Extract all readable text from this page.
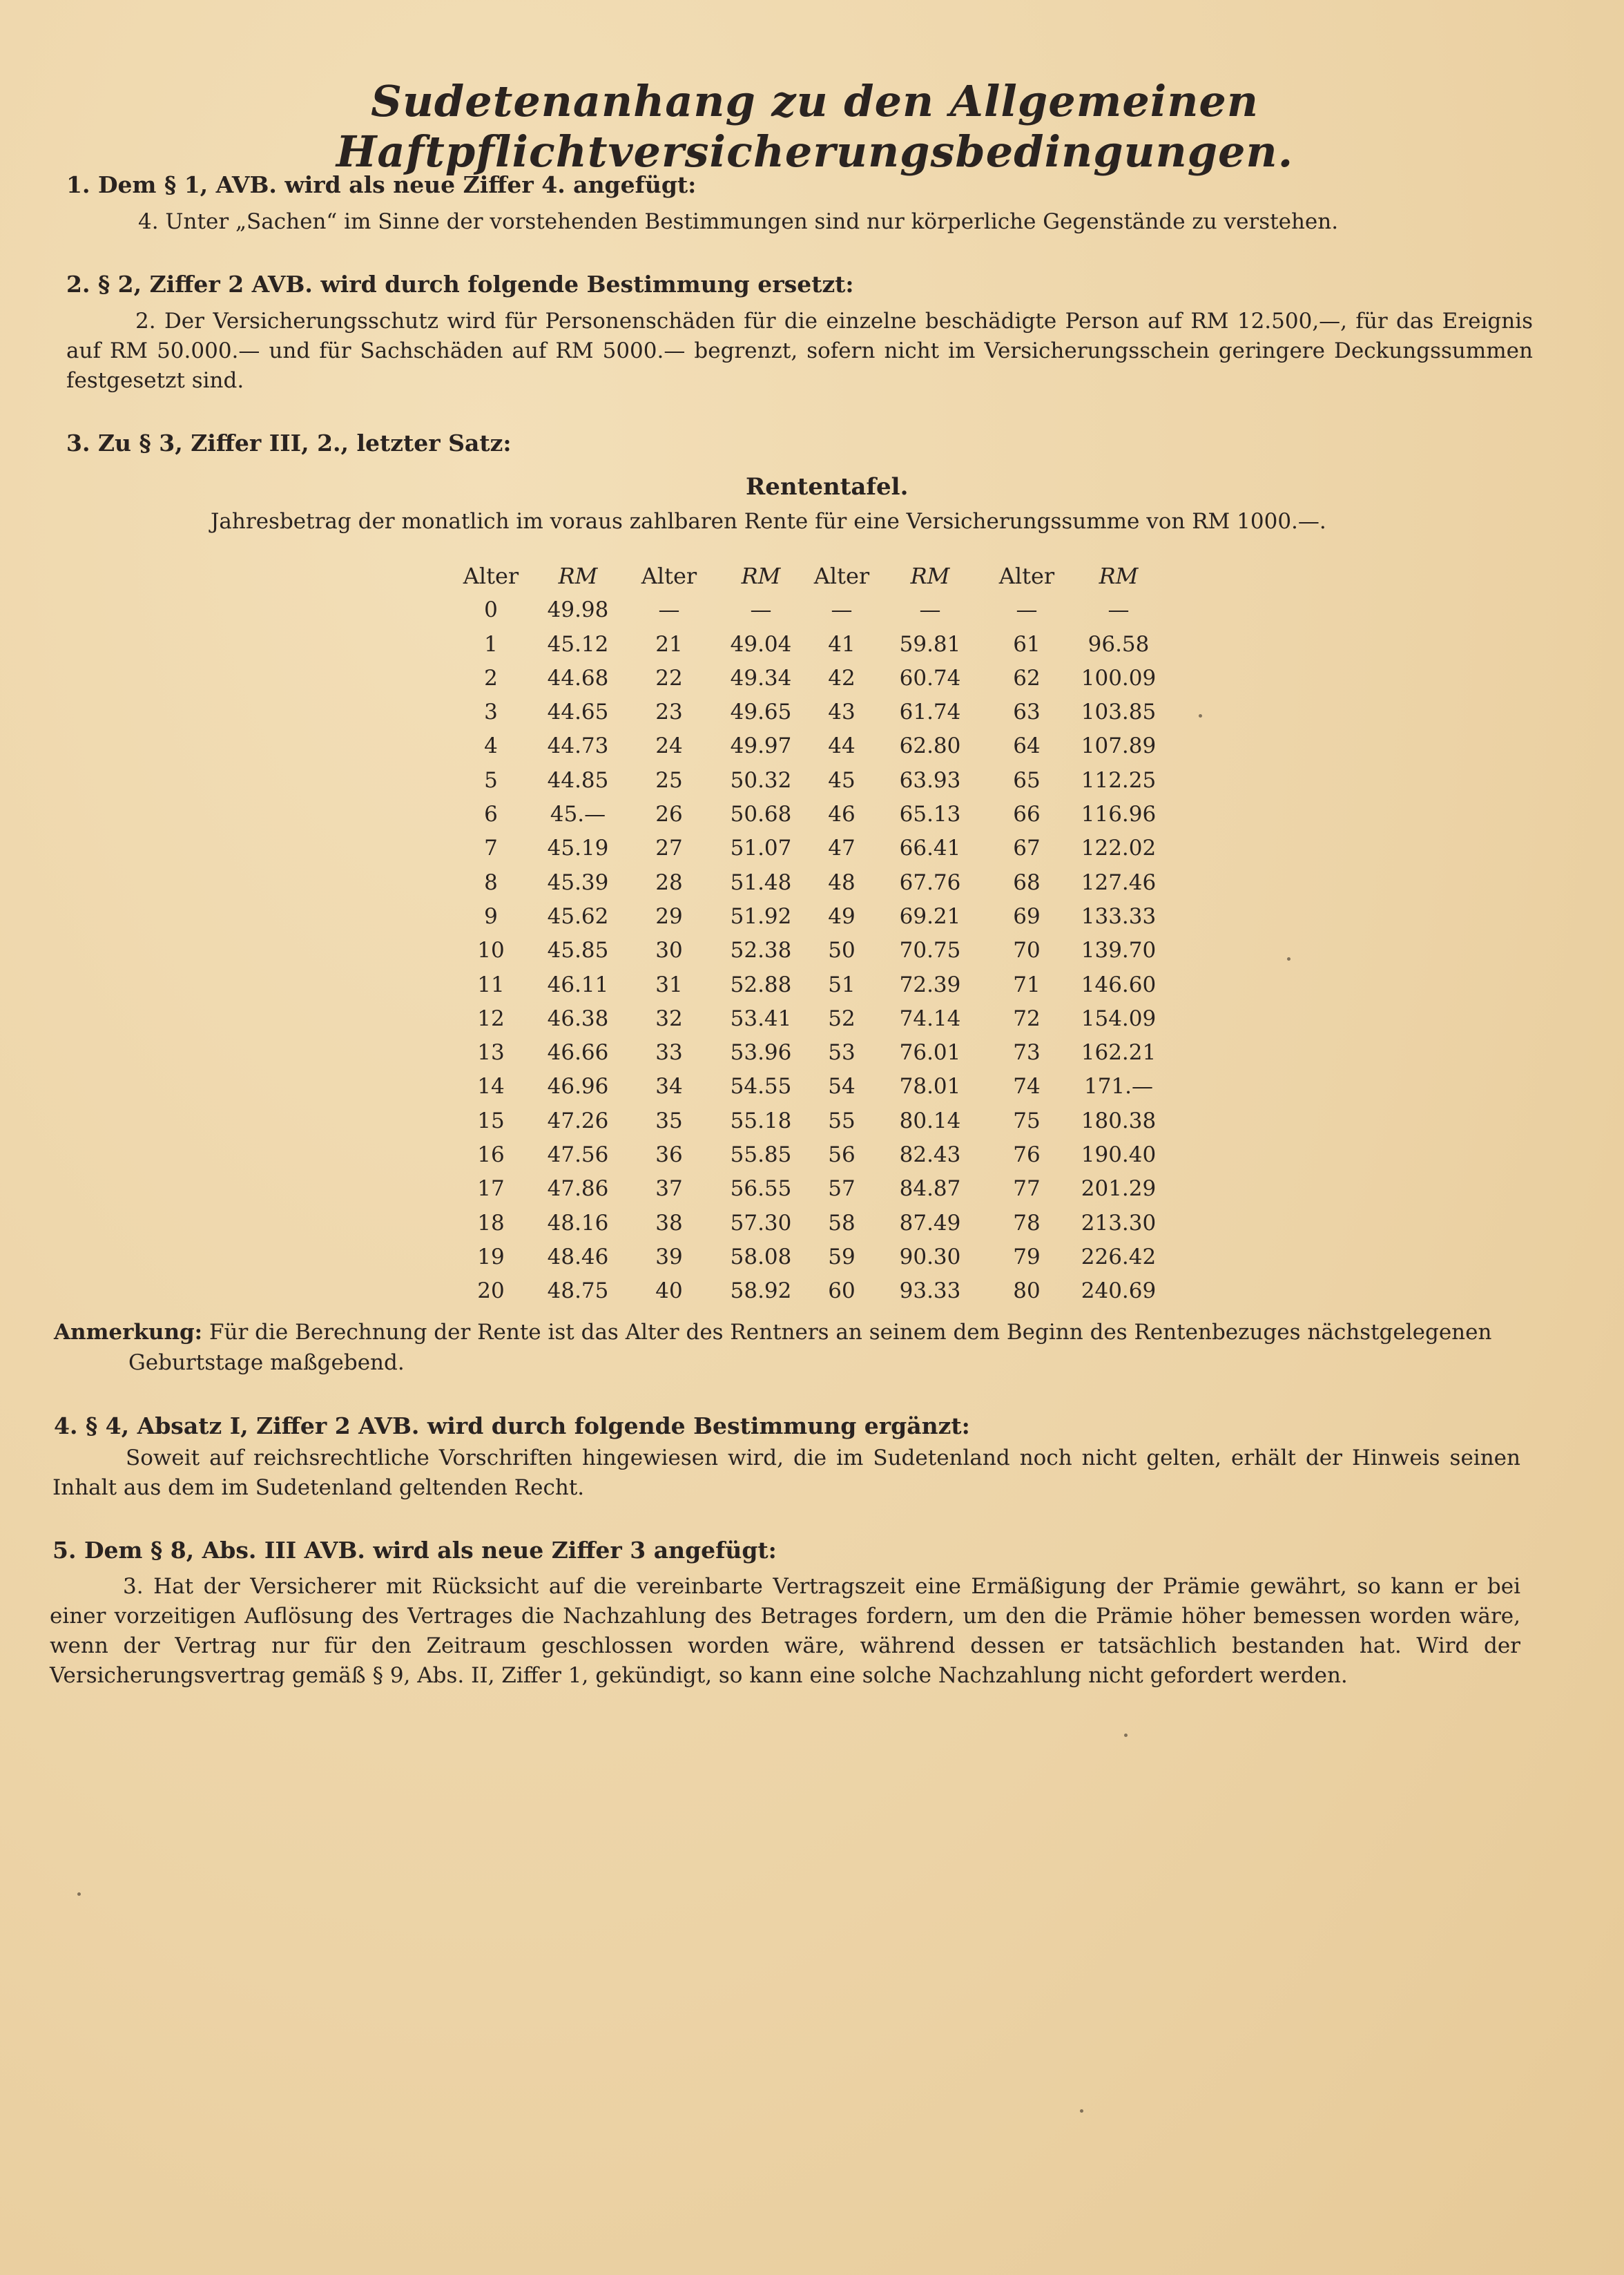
Sudetenanhang zu den Allgemeinen Haftpflichtversicherungsbedingungen.
1. Dem § 1, AVB. wird als neue Ziffer 4. angefügt:
4. Unter „Sachen“ im Sinne der vorstehenden Bestimmungen sind nur körperliche Gegenstände zu verstehen.
2. § 2, Ziffer 2 AVB. wird durch folgende Bestimmung ersetzt:
2. Der Versicherungsschutz wird für Personenschäden für die einzelne beschädigte Person auf RM 12.500,—, für das Ereignis auf RM 50.000.— und für Sachschäden auf RM 5000.— begrenzt, sofern nicht im Versicherungsschein geringere Deckungssummen festgesetzt sind.
3. Zu § 3, Ziffer III, 2., letzter Satz:
Rententafel.
Jahresbetrag der monatlich im voraus zahlbaren Rente für eine Versicherungssumme von RM 1000.—.
Alter
0
1
2
3
4
5
6
7
8
9
10
11
12
13
14
15
16
17
18
19
20
RM
49.98
45.12
44.68
44.65
44.73
44.85
45.—
45.19
45.39
45.62
45.85
46.11
46.38
46.66
46.96
47.26
47.56
47.86
48.16
48.46
48.75
Alter
—
21
22
23
24
25
26
27
28
29
30
31
32
33
34
35
36
37
38
39
40
RM
—
49.04
49.34
49.65
49.97
50.32
50.68
51.07
51.48
51.92
52.38
52.88
53.41
53.96
54.55
55.18
55.85
56.55
57.30
58.08
58.92
Alter
—
41
42
43
44
45
46
47
48
49
50
51
52
53
54
55
56
57
58
59
60
RM
—
59.81
60.74
61.74
62.80
63.93
65.13
66.41
67.76
69.21
70.75
72.39
74.14
76.01
78.01
80.14
82.43
84.87
87.49
90.30
93.33
Alter
—
61
62
63
64
65
66
67
68
69
70
71
72
73
74
75
76
77
78
79
80
RM
—
96.58
100.09
103.85
107.89
112.25
116.96
122.02
127.46
133.33
139.70
146.60
154.09
162.21
171.—
180.38
190.40
201.29
213.30
226.42
240.69
Anmerkung: Für die Berechnung der Rente ist das Alter des Rentners an seinem dem Beginn des Rentenbezuges nächstgelegenen
Geburtstage maßgebend.
4. § 4, Absatz I, Ziffer 2 AVB. wird durch folgende Bestimmung ergänzt:
Soweit auf reichsrechtliche Vorschriften hingewiesen wird, die im Sudetenland noch nicht gelten, erhält der Hinweis seinen Inhalt aus dem im Sudetenland geltenden Recht.
5. Dem § 8, Abs. III AVB. wird als neue Ziffer 3 angefügt:
3. Hat der Versicherer mit Rücksicht auf die vereinbarte Vertragszeit eine Ermäßigung der Prämie gewährt, so kann er bei einer vorzeitigen Auflösung des Vertrages die Nachzahlung des Betrages fordern, um den die Prämie höher bemessen worden wäre, wenn der Vertrag nur für den Zeitraum geschlossen worden wäre, während dessen er tatsächlich bestanden hat. Wird der Versicherungsvertrag gemäß § 9, Abs. II, Ziffer 1, gekündigt, so kann eine solche Nachzahlung nicht gefordert werden.
